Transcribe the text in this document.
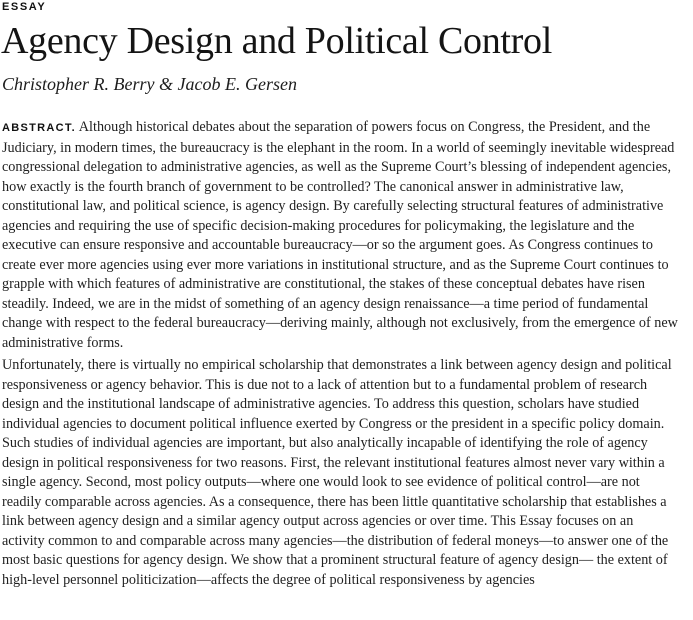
ESSAY
Agency Design and Political Control
Christopher R. Berry & Jacob E. Gersen

ABSTRACT. Although historical debates about the separation of powers focus on Congress, the President, and the Judiciary, in modern times, the bureaucracy is the elephant in the room. In a world of seemingly inevitable widespread congressional delegation to administrative agencies, as well as the Supreme Court’s blessing of independent agencies, how exactly is the fourth branch of government to be controlled? The canonical answer in administrative law, constitutional law, and political science, is agency design. By carefully selecting structural features of administrative agencies and requiring the use of specific decision-making procedures for policymaking, the legislature and the executive can ensure responsive and accountable bureaucracy—or so the argument goes. As Congress continues to create ever more agencies using ever more variations in institutional structure, and as the Supreme Court continues to grapple with which features of administrative are constitutional, the stakes of these conceptual debates have risen steadily. Indeed, we are in the midst of something of an agency design renaissance—a time period of fundamental change with respect to the federal bureaucracy—deriving mainly, although not exclusively, from the emergence of new administrative forms.

Unfortunately, there is virtually no empirical scholarship that demonstrates a link between agency design and political responsiveness or agency behavior. This is due not to a lack of attention but to a fundamental problem of research design and the institutional landscape of administrative agencies. To address this question, scholars have studied individual agencies to document political influence exerted by Congress or the president in a specific policy domain. Such studies of individual agencies are important, but also analytically incapable of identifying the role of agency design in political responsiveness for two reasons. First, the relevant institutional features almost never vary within a single agency. Second, most policy outputs—where one would look to see evidence of political control—are not readily comparable across agencies. As a consequence, there has been little quantitative scholarship that establishes a link between agency design and a similar agency output across agencies or over time. This Essay focuses on an activity common to and comparable across many agencies—the distribution of federal moneys—to answer one of the most basic questions for agency design. We show that a prominent structural feature of agency design— the extent of high-level personnel politicization—affects the degree of political responsiveness by agencies
